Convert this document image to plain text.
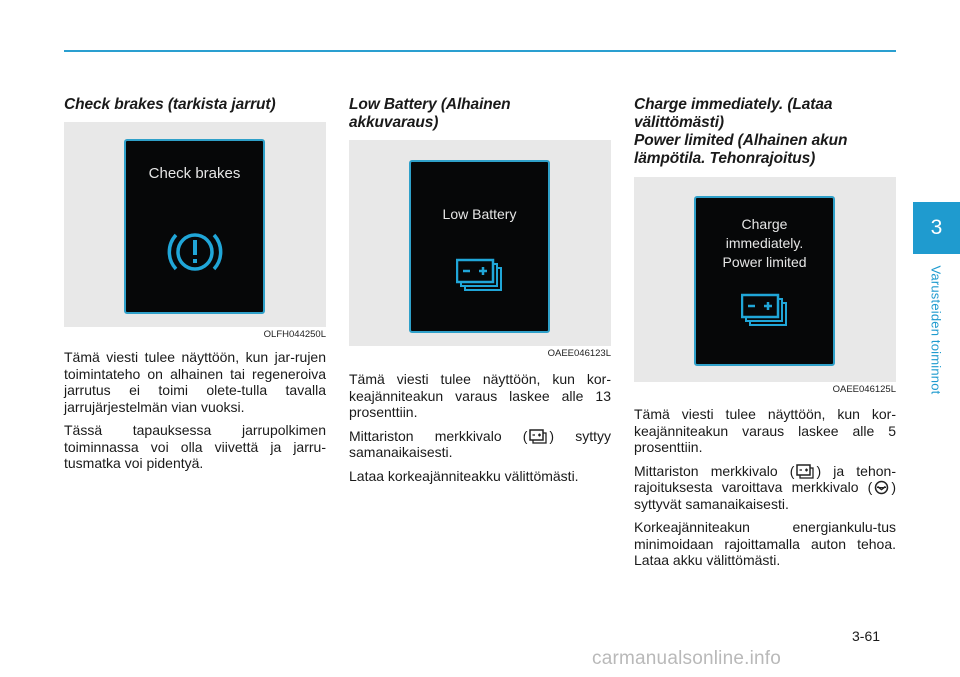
Check brakes (tarkista jarrut)
Check brakes
OLFH044250L

Tämä viesti tulee näyttöön, kun jar-rujen toimintateho on alhainen tai regeneroiva jarrutus ei toimi olete-tulla tavalla jarrujärjestelmän vian vuoksi.

Tässä tapauksessa jarrupolkimen toiminnassa voi olla viivettä ja jarru-tusmatka voi pidentyä.

Low Battery (Alhainen
akkuvaraus)
Low Battery
OAEE046123L

Tämä viesti tulee näyttöön, kun kor-keajänniteakun varaus laskee alle 13 prosenttiin.

Mittariston merkkivalo ( ) syttyy samanaikaisesti.

Lataa korkeajänniteakku välittömästi.

Charge immediately. (Lataa
välittömästi)
Power limited (Alhainen akun
lämpötila. Tehonrajoitus)
Charge
immediately.
Power limited
OAEE046125L

Tämä viesti tulee näyttöön, kun kor-keajänniteakun varaus laskee alle 5 prosenttiin.

Mittariston merkkivalo ( ) ja tehon-rajoituksesta varoittava merkkivalo ( ) syttyvät samanaikaisesti.

Korkeajänniteakun energiankulu-tus minimoidaan rajoittamalla auton tehoa. Lataa akku välittömästi.

3
Varusteiden toiminnot
3-61
carmanualsonline.info
